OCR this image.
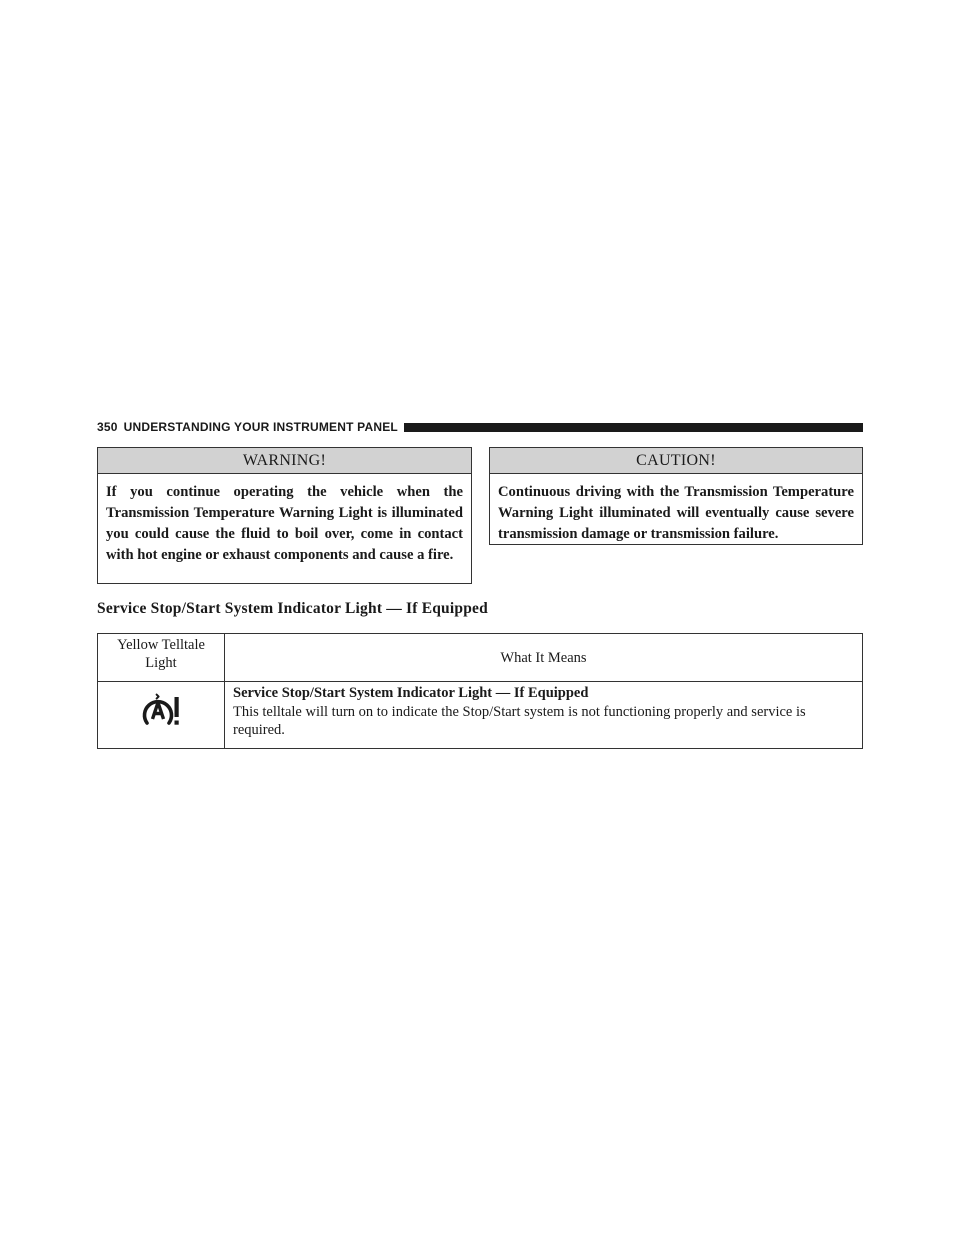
350 UNDERSTANDING YOUR INSTRUMENT PANEL
WARNING!
If you continue operating the vehicle when the Transmission Temperature Warning Light is illuminated you could cause the fluid to boil over, come in contact with hot engine or exhaust components and cause a fire.
CAUTION!
Continuous driving with the Transmission Temperature Warning Light illuminated will eventually cause severe transmission damage or transmission failure.
Service Stop/Start System Indicator Light — If Equipped
Yellow Telltale Light	What It Means

Service Stop/Start System Indicator Light — If Equipped
This telltale will turn on to indicate the Stop/Start system is not functioning properly and service is required.
